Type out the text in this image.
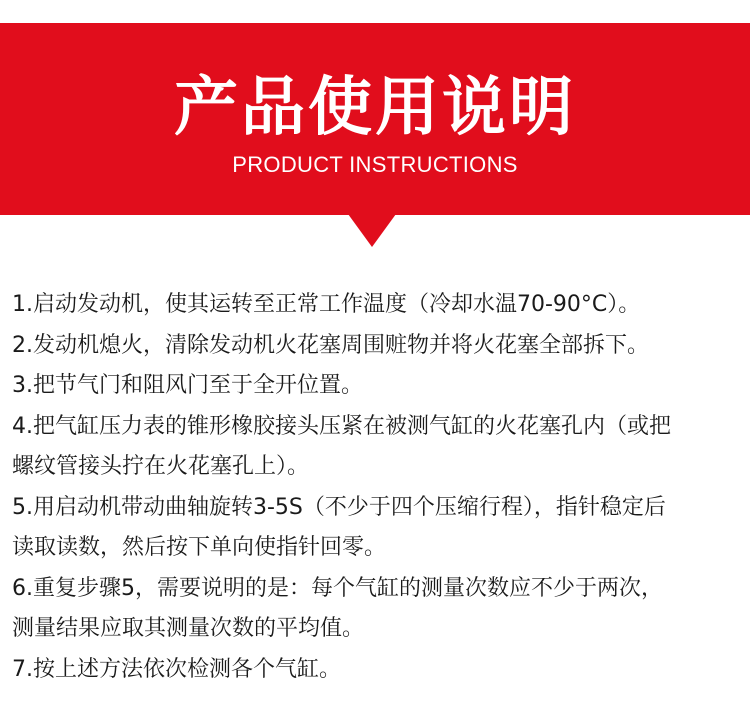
产品使用说明
PRODUCT INSTRUCTIONS
1.启动发动机，使其运转至正常工作温度（冷却水温70-90°C）。
2.发动机熄火，清除发动机火花塞周围赃物并将火花塞全部拆下。
3.把节气门和阻风门至于全开位置。
4.把气缸压力表的锥形橡胶接头压紧在被测气缸的火花塞孔内（或把
螺纹管接头拧在火花塞孔上）。
5.用启动机带动曲轴旋转3-5S（不少于四个压缩行程），指针稳定后
读取读数，然后按下单向使指针回零。
6.重复步骤5，需要说明的是：每个气缸的测量次数应不少于两次，
测量结果应取其测量次数的平均值。
7.按上述方法依次检测各个气缸。
